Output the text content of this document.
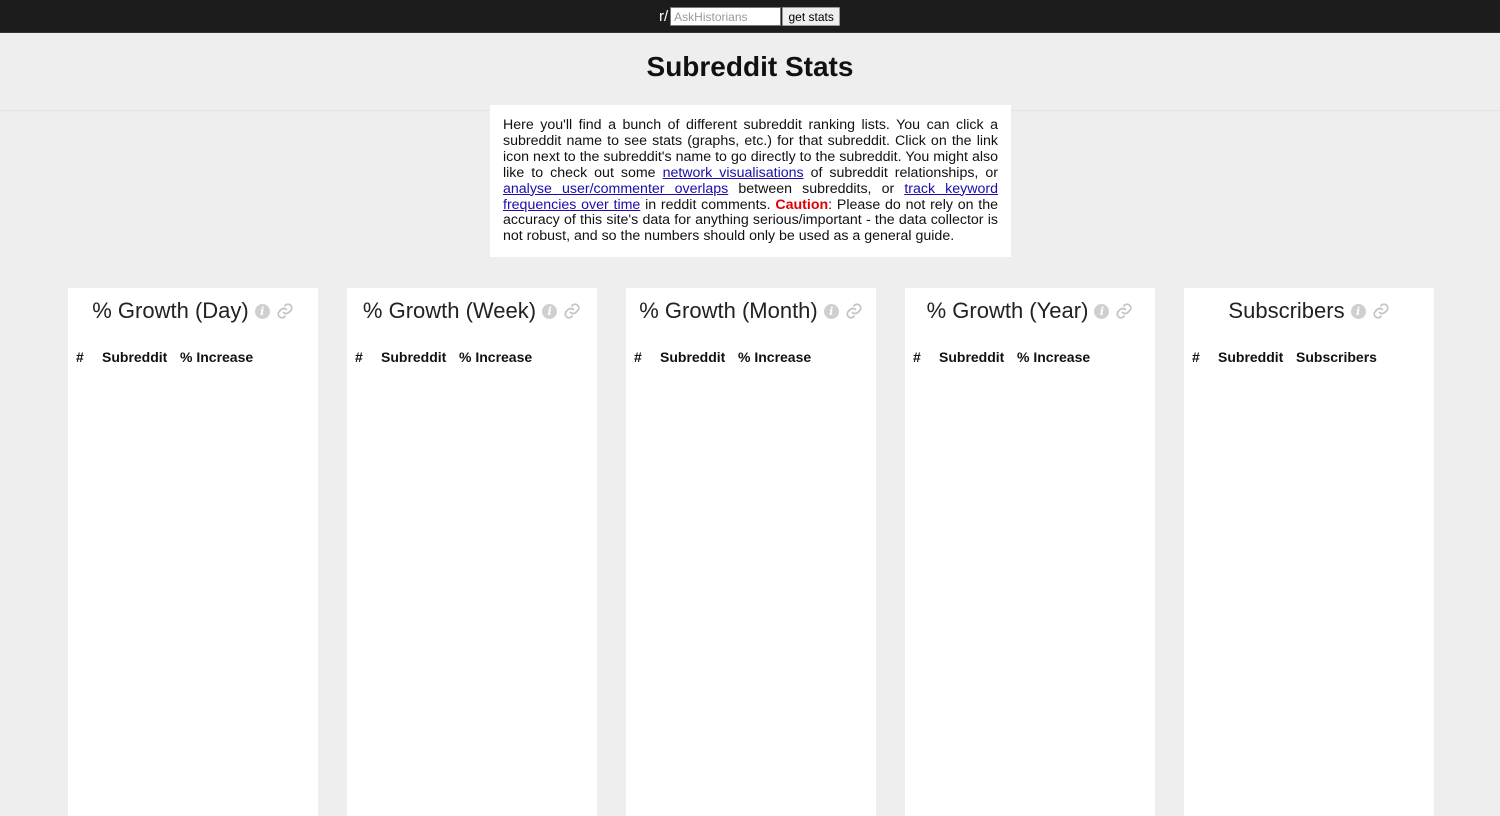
r/
AskHistorians	get stats
Subreddit Stats
Here you'll find a bunch of different subreddit ranking lists. You can click a subreddit name to see stats (graphs, etc.) for that subreddit. Click on the link icon next to the subreddit's name to go directly to the subreddit. You might also like to check out some network visualisations of subreddit relationships, or analyse user/commenter overlaps between subreddits, or track keyword frequencies over time in reddit comments. Caution: Please do not rely on the accuracy of this site's data for anything serious/important - the data collector is not robust, and so the numbers should only be used as a general guide.
% Growth (Day)	i
# Subreddit % Increase
% Growth (Week)	i
# Subreddit % Increase
% Growth (Month)	i
# Subreddit % Increase
% Growth (Year)	i
# Subreddit % Increase
Subscribers	i
# Subreddit Subscribers
